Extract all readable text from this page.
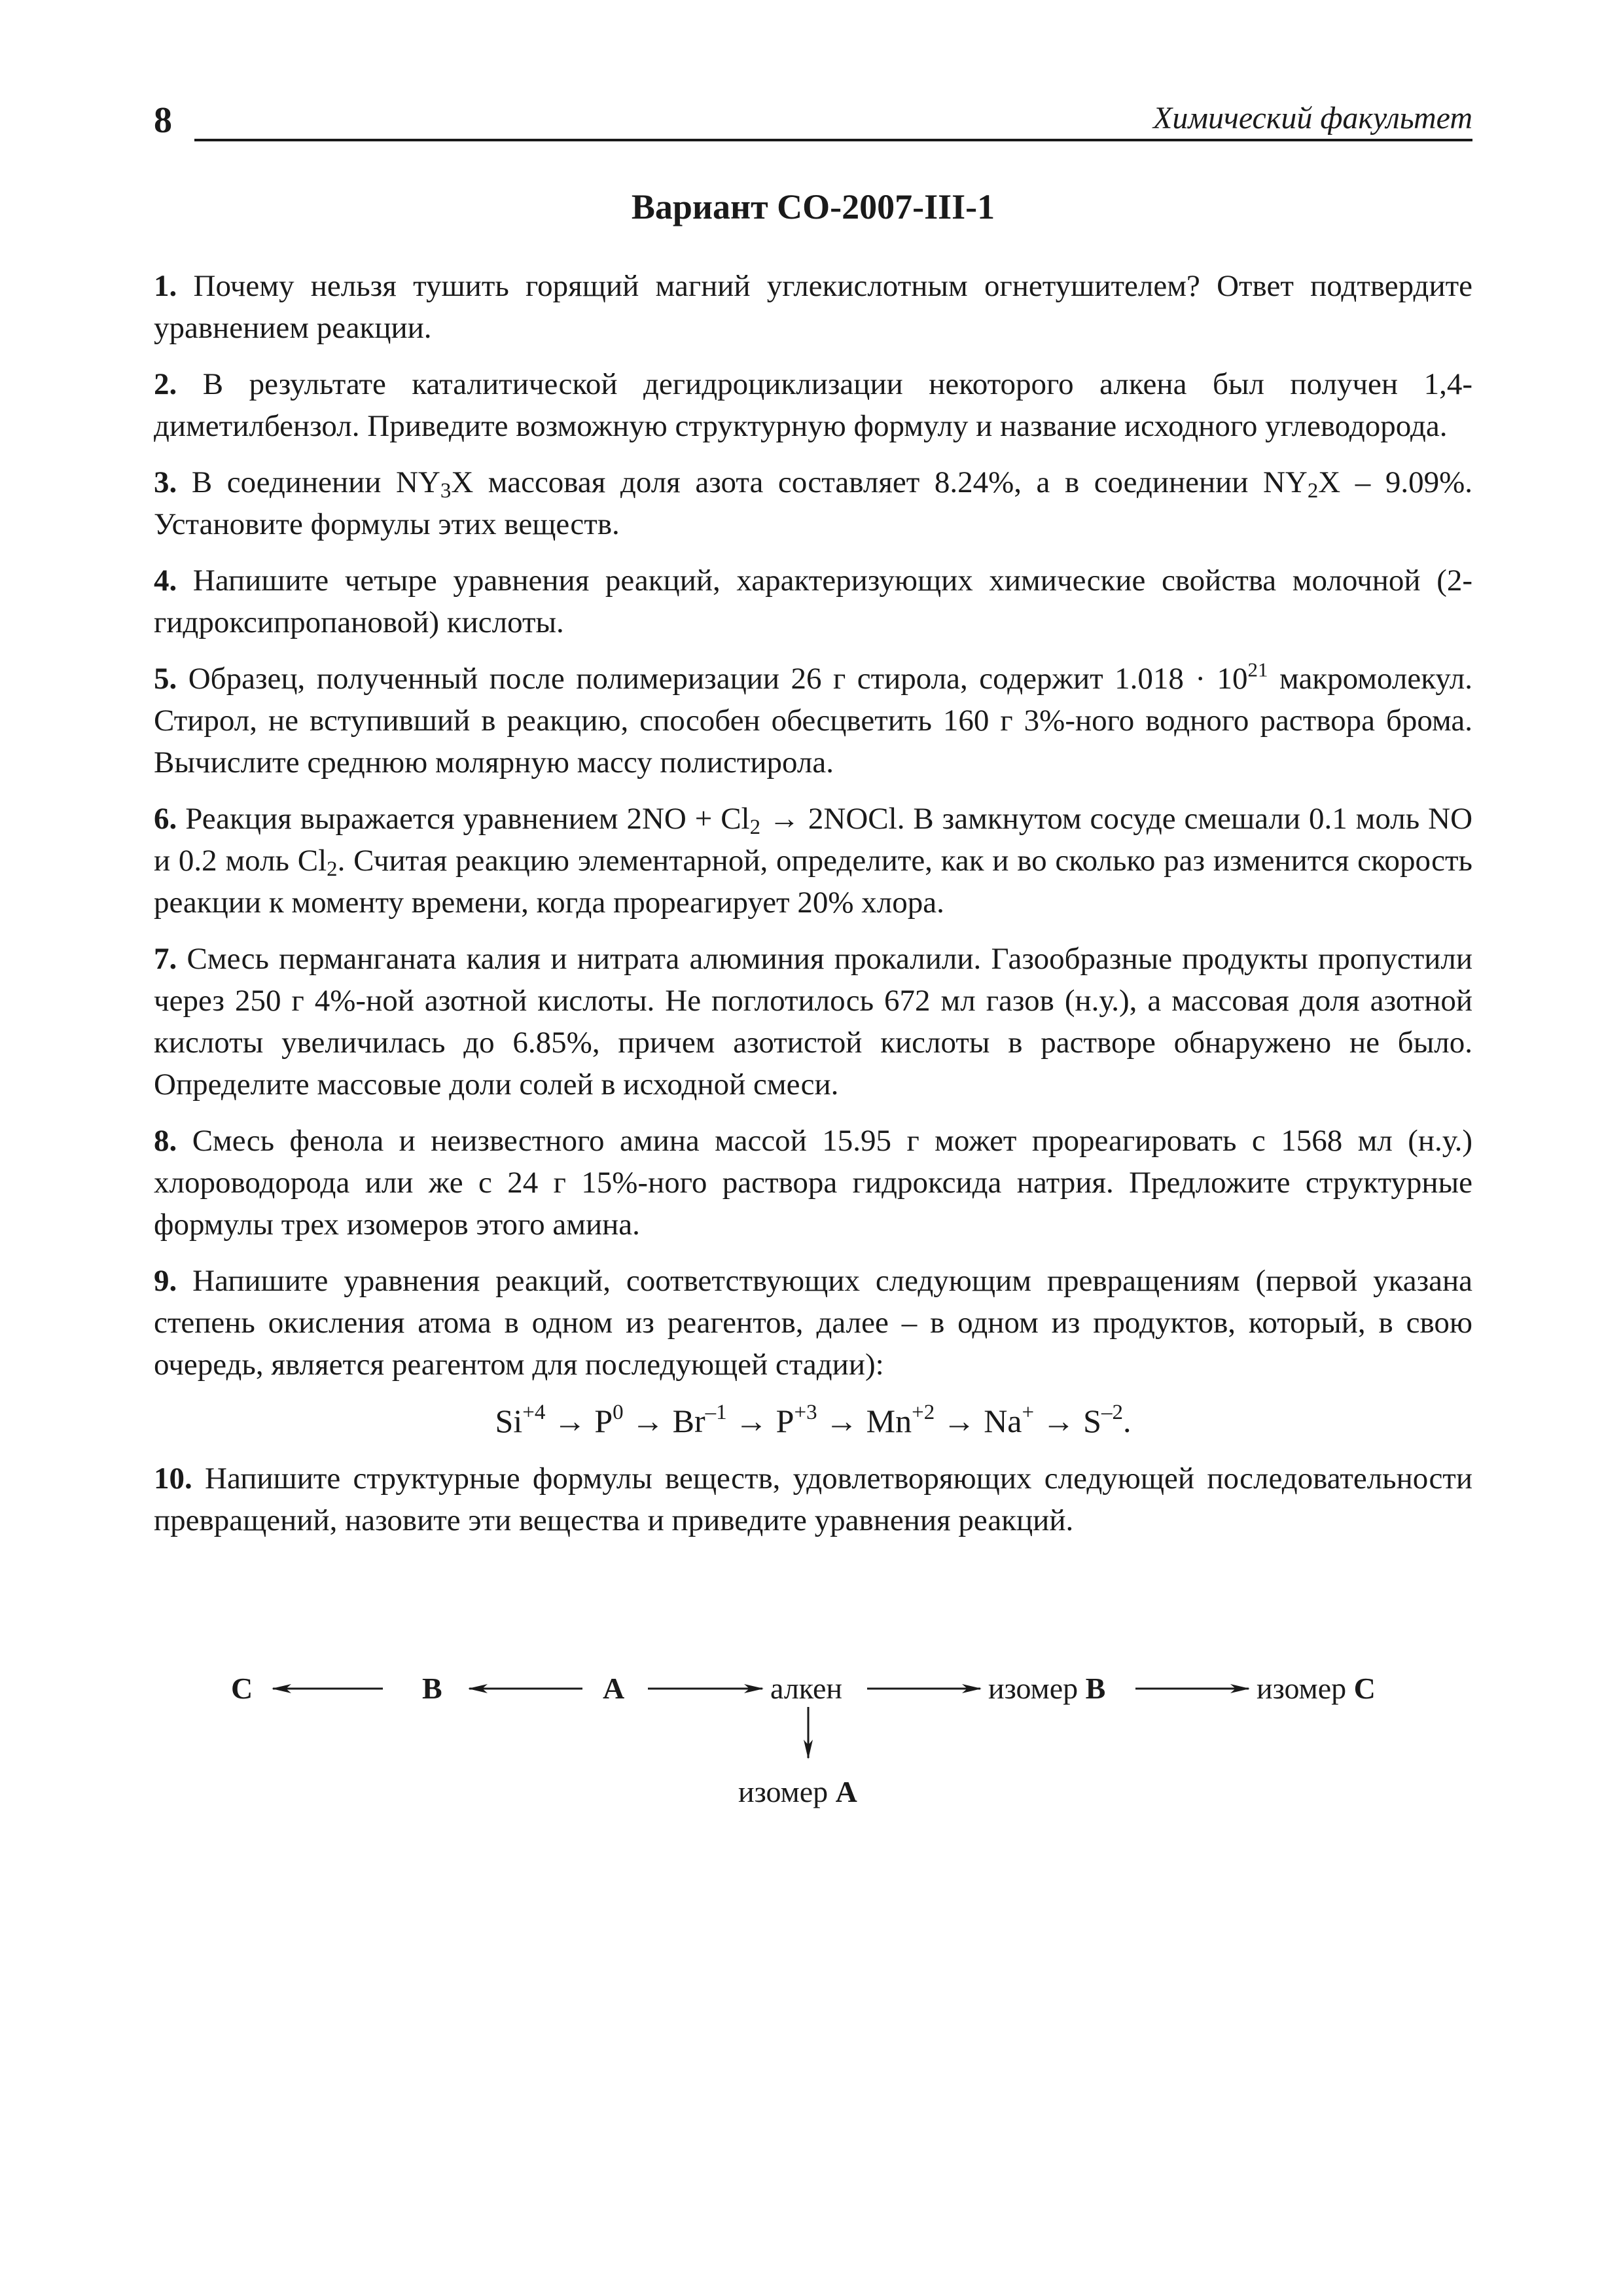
8	Химический факультет
Вариант СО-2007-III-1

1. Почему нельзя тушить горящий магний углекислотным огнетушителем? Ответ подтвердите уравнением реакции.

2. В результате каталитической дегидроциклизации некоторого алкена был получен 1,4-диметилбензол. Приведите возможную структурную формулу и название исходного углеводорода.

3. В соединении $NY_3X$ массовая доля азота составляет 8.24%, а в соединении $NY_2X - 9.09\%$. Установите формулы этих веществ.

4. Напишите четыре уравнения реакций, характеризующих химические свойства молочной (2-гидроксипропановой) кислоты.

5. Образец, полученный после полимеризации 26 г стирола, содержит $1.018 \cdot 10^{21}$ макромолекул. Стирол, не вступивший в реакцию, способен обесцветить 160 г 3%-ного водного раствора брома. Вычислите среднюю молярную массу полистирола.

6. Реакция выражается уравнением $2NO + Cl_2$ → 2NOCl. В замкнутом сосуде смешали 0.1 моль NO и 0.2 моль $Cl_2$. Считая реакцию элементарной, определите, как и во сколько раз изменится скорость реакции к моменту времени, когда прореагирует 20% хлора.

7. Смесь перманганата калия и нитрата алюминия прокалили. Газообразные продукты пропустили через 250 г 4%-ной азотной кислоты. Не поглотилось 672 мл газов (н.у.), а массовая доля азотной кислоты увеличилась до 6.85%, причем азотистой кислоты в растворе обнаружено не было. Определите массовые доли солей в исходной смеси.

8. Смесь фенола и неизвестного амина массой 15.95 г может прореагировать с 1568 мл (н.у.) хлороводорода или же с 24 г 15%-ного раствора гидроксида натрия. Предложите структурные формулы трех изомеров этого амина.

9. Напишите уравнения реакций, соответствующих следующим превращениям (первой указана степень окисления атома в одном из реагентов, далее – в одном из продуктов, который, в свою очередь, является реагентом для последующей стадии):

$Si^{+4} \to P^0 \to Br^{-1} \to P^{+3} \to Mn^{+2} \to Na^+ \to S^{-2}$.

10. Напишите структурные формулы веществ, удовлетворяющих следующей последовательности превращений, назовите эти вещества и приведите уравнения реакций.

C	B	A	алкен	изомер B	изомер C
изомер A
